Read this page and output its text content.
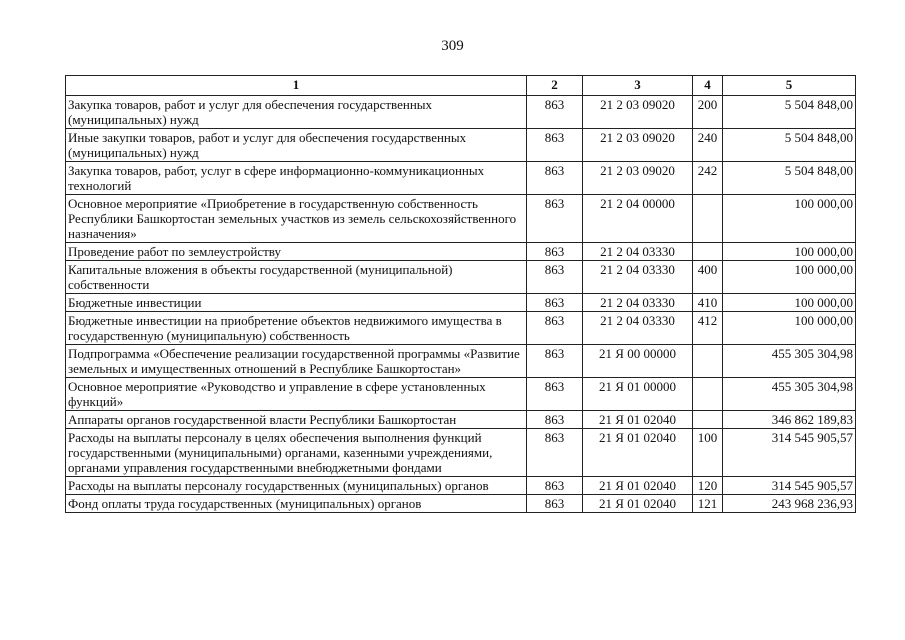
309
1	2	3	4	5
Закупка товаров, работ и услуг для обеспечения государственных (муниципальных) нужд	863	21 2 03 09020	200	5 504 848,00
Иные закупки товаров, работ и услуг для обеспечения государственных (муниципальных) нужд	863	21 2 03 09020	240	5 504 848,00
Закупка товаров, работ, услуг в сфере информационно-коммуникационных технологий	863	21 2 03 09020	242	5 504 848,00
Основное мероприятие «Приобретение в государственную собственность Республики Башкортостан земельных участков из земель сельскохозяйственного назначения»	863	21 2 04 00000		100 000,00
Проведение работ по землеустройству	863	21 2 04 03330		100 000,00
Капитальные вложения в объекты государственной (муниципальной) собственности	863	21 2 04 03330	400	100 000,00
Бюджетные инвестиции	863	21 2 04 03330	410	100 000,00
Бюджетные инвестиции на приобретение объектов недвижимого имущества в государственную (муниципальную) собственность	863	21 2 04 03330	412	100 000,00
Подпрограмма «Обеспечение реализации государственной программы «Развитие земельных и имущественных отношений в Республике Башкортостан»	863	21 Я 00 00000		455 305 304,98
Основное мероприятие «Руководство и управление в сфере установленных функций»	863	21 Я 01 00000		455 305 304,98
Аппараты органов государственной власти Республики Башкортостан	863	21 Я 01 02040		346 862 189,83
Расходы на выплаты персоналу в целях обеспечения выполнения функций государственными (муниципальными) органами, казенными учреждениями, органами управления государственными внебюджетными фондами	863	21 Я 01 02040	100	314 545 905,57
Расходы на выплаты персоналу государственных (муниципальных) органов	863	21 Я 01 02040	120	314 545 905,57
Фонд оплаты труда государственных (муниципальных) органов	863	21 Я 01 02040	121	243 968 236,93
